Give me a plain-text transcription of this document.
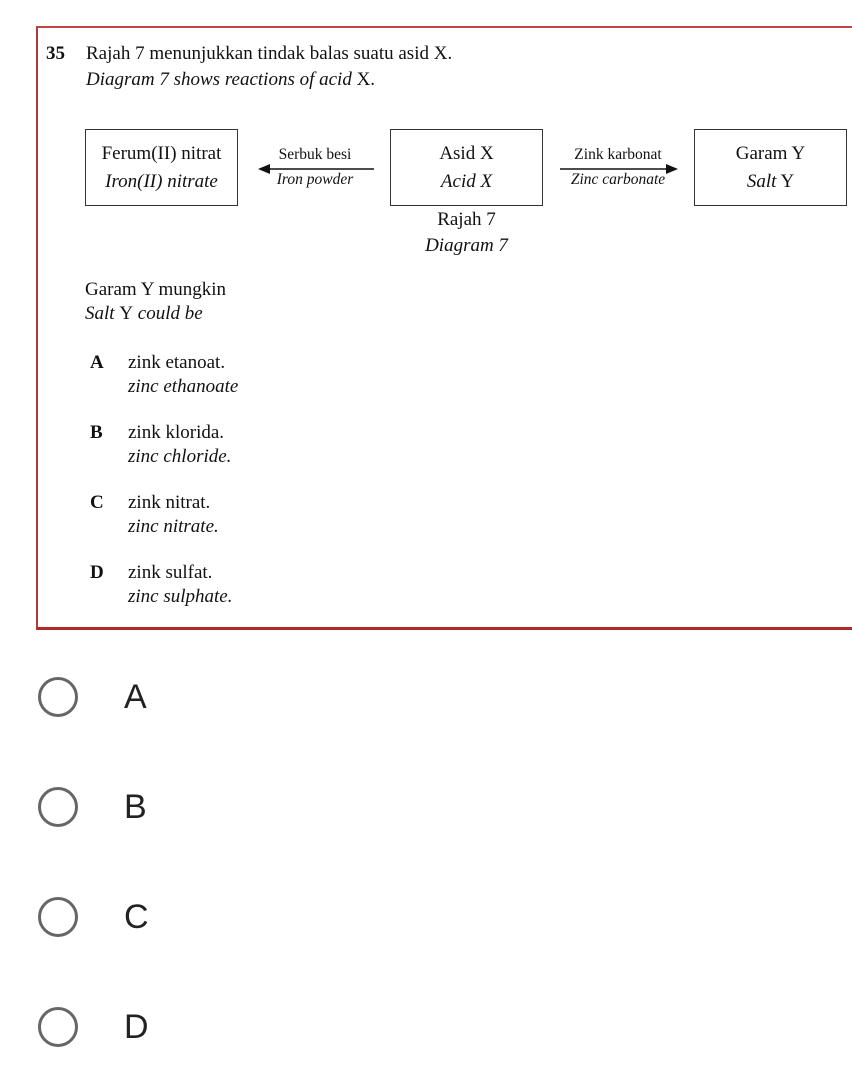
35 Rajah 7 menunjukkan tindak balas suatu asid X.
Diagram 7 shows reactions of acid X.
Ferum(II) nitrat
Iron(II) nitrate
Serbuk besi
Iron powder
Asid X
Acid X
Zink karbonat
Zinc carbonate
Garam Y
Salt Y
Rajah 7
Diagram 7
Garam Y mungkin
Salt Y could be
A	zink etanoat.
zinc ethanoate
B	zink klorida.
zinc chloride.
C	zink nitrat.
zinc nitrate.
D	zink sulfat.
zinc sulphate.
A
B
C
D
